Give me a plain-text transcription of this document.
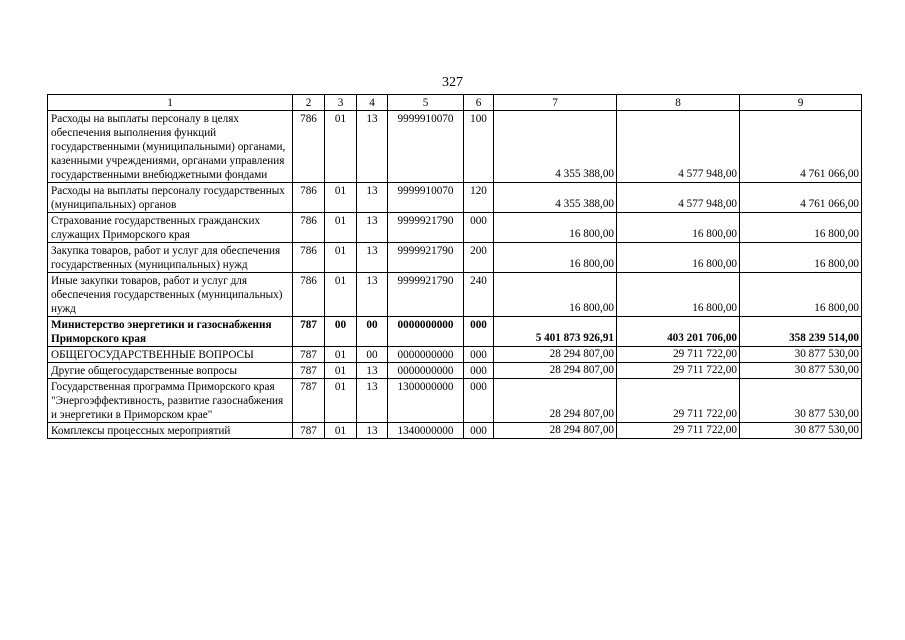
327
1	2	3	4	5	6	7	8	9
Расходы на выплаты персоналу в целях обеспечения выполнения функций государственными (муниципальными) органами, казенными учреждениями, органами управления государственными внебюджетными фондами	786	01	13	9999910070	100	4 355 388,00	4 577 948,00	4 761 066,00
Расходы на выплаты персоналу государственных (муниципальных) органов	786	01	13	9999910070	120	4 355 388,00	4 577 948,00	4 761 066,00
Страхование государственных гражданских служащих Приморского края	786	01	13	9999921790	000	16 800,00	16 800,00	16 800,00
Закупка товаров, работ и услуг для обеспечения государственных (муниципальных) нужд	786	01	13	9999921790	200	16 800,00	16 800,00	16 800,00
Иные закупки товаров, работ и услуг для обеспечения государственных (муниципальных) нужд	786	01	13	9999921790	240	16 800,00	16 800,00	16 800,00
Министерство энергетики и газоснабжения Приморского края	787	00	00	0000000000	000	5 401 873 926,91	403 201 706,00	358 239 514,00
ОБЩЕГОСУДАРСТВЕННЫЕ ВОПРОСЫ	787	01	00	0000000000	000	28 294 807,00	29 711 722,00	30 877 530,00
Другие общегосударственные вопросы	787	01	13	0000000000	000	28 294 807,00	29 711 722,00	30 877 530,00
Государственная программа Приморского края "Энергоэффективность, развитие газоснабжения и энергетики в Приморском крае"	787	01	13	1300000000	000	28 294 807,00	29 711 722,00	30 877 530,00
Комплексы процессных мероприятий	787	01	13	1340000000	000	28 294 807,00	29 711 722,00	30 877 530,00
